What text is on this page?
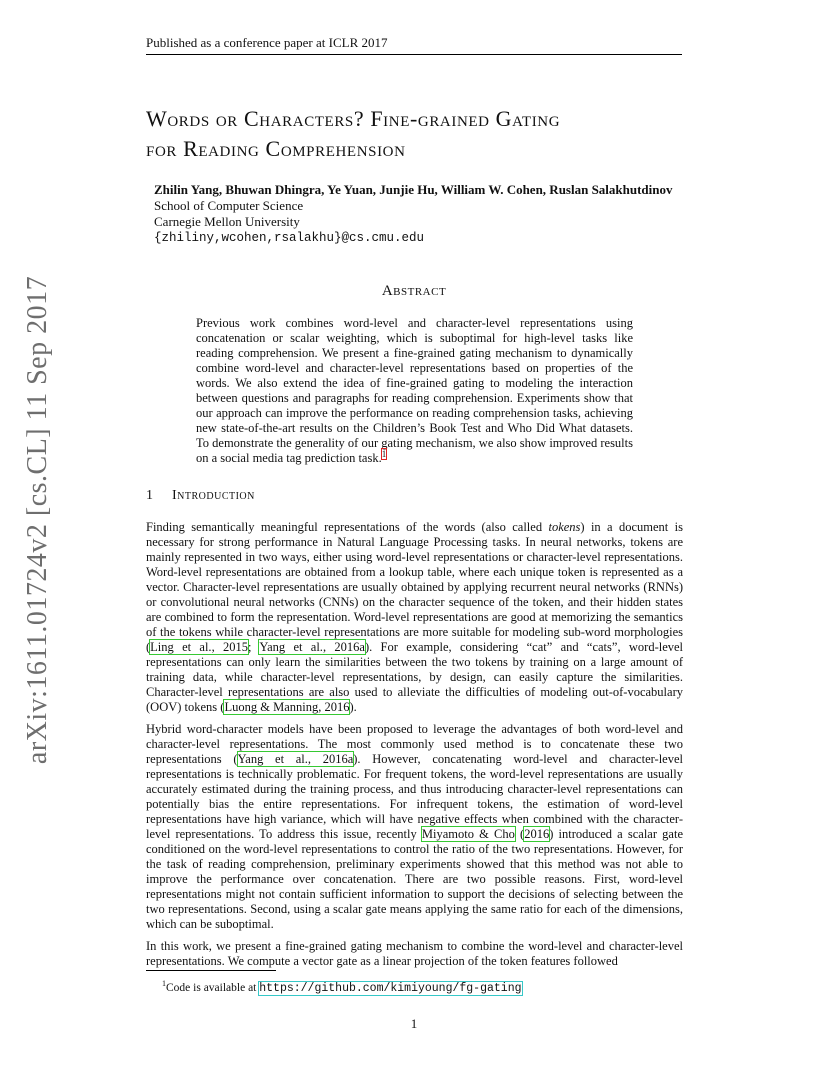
Published as a conference paper at ICLR 2017
arXiv:1611.01724v2 [cs.CL] 11 Sep 2017
Words or Characters? Fine-grained Gating
for Reading Comprehension
Zhilin Yang, Bhuwan Dhingra, Ye Yuan, Junjie Hu, William W. Cohen, Ruslan Salakhutdinov
School of Computer Science
Carnegie Mellon University
{zhiliny,wcohen,rsalakhu}@cs.cmu.edu
Abstract
Previous work combines word-level and character-level representations using concatenation or scalar weighting, which is suboptimal for high-level tasks like reading comprehension. We present a fine-grained gating mechanism to dynamically combine word-level and character-level representations based on properties of the words. We also extend the idea of fine-grained gating to modeling the interaction between questions and paragraphs for reading comprehension. Experiments show that our approach can improve the performance on reading comprehension tasks, achieving new state-of-the-art results on the Children’s Book Test and Who Did What datasets. To demonstrate the generality of our gating mechanism, we also show improved results on a social media tag prediction task.$^1$
1 Introduction

Finding semantically meaningful representations of the words (also called tokens) in a document is necessary for strong performance in Natural Language Processing tasks. In neural networks, tokens are mainly represented in two ways, either using word-level representations or character-level representations. Word-level representations are obtained from a lookup table, where each unique token is represented as a vector. Character-level representations are usually obtained by applying recurrent neural networks (RNNs) or convolutional neural networks (CNNs) on the character sequence of the token, and their hidden states are combined to form the representation. Word-level representations are good at memorizing the semantics of the tokens while character-level representations are more suitable for modeling sub-word morphologies (Ling et al., 2015; Yang et al., 2016a). For example, considering “cat” and “cats”, word-level representations can only learn the similarities between the two tokens by training on a large amount of training data, while character-level representations, by design, can easily capture the similarities. Character-level representations are also used to alleviate the difficulties of modeling out-of-vocabulary (OOV) tokens (Luong & Manning, 2016).

Hybrid word-character models have been proposed to leverage the advantages of both word-level and character-level representations. The most commonly used method is to concatenate these two representations (Yang et al., 2016a). However, concatenating word-level and character-level representations is technically problematic. For frequent tokens, the word-level representations are usually accurately estimated during the training process, and thus introducing character-level representations can potentially bias the entire representations. For infrequent tokens, the estimation of word-level representations have high variance, which will have negative effects when combined with the character-level representations. To address this issue, recently Miyamoto & Cho (2016) introduced a scalar gate conditioned on the word-level representations to control the ratio of the two representations. However, for the task of reading comprehension, preliminary experiments showed that this method was not able to improve the performance over concatenation. There are two possible reasons. First, word-level representations might not contain sufficient information to support the decisions of selecting between the two representations. Second, using a scalar gate means applying the same ratio for each of the dimensions, which can be suboptimal.

In this work, we present a fine-grained gating mechanism to combine the word-level and character-level representations. We compute a vector gate as a linear projection of the token features followed

$^1$Code is available at https://github.com/kimiyoung/fg-gating
1
